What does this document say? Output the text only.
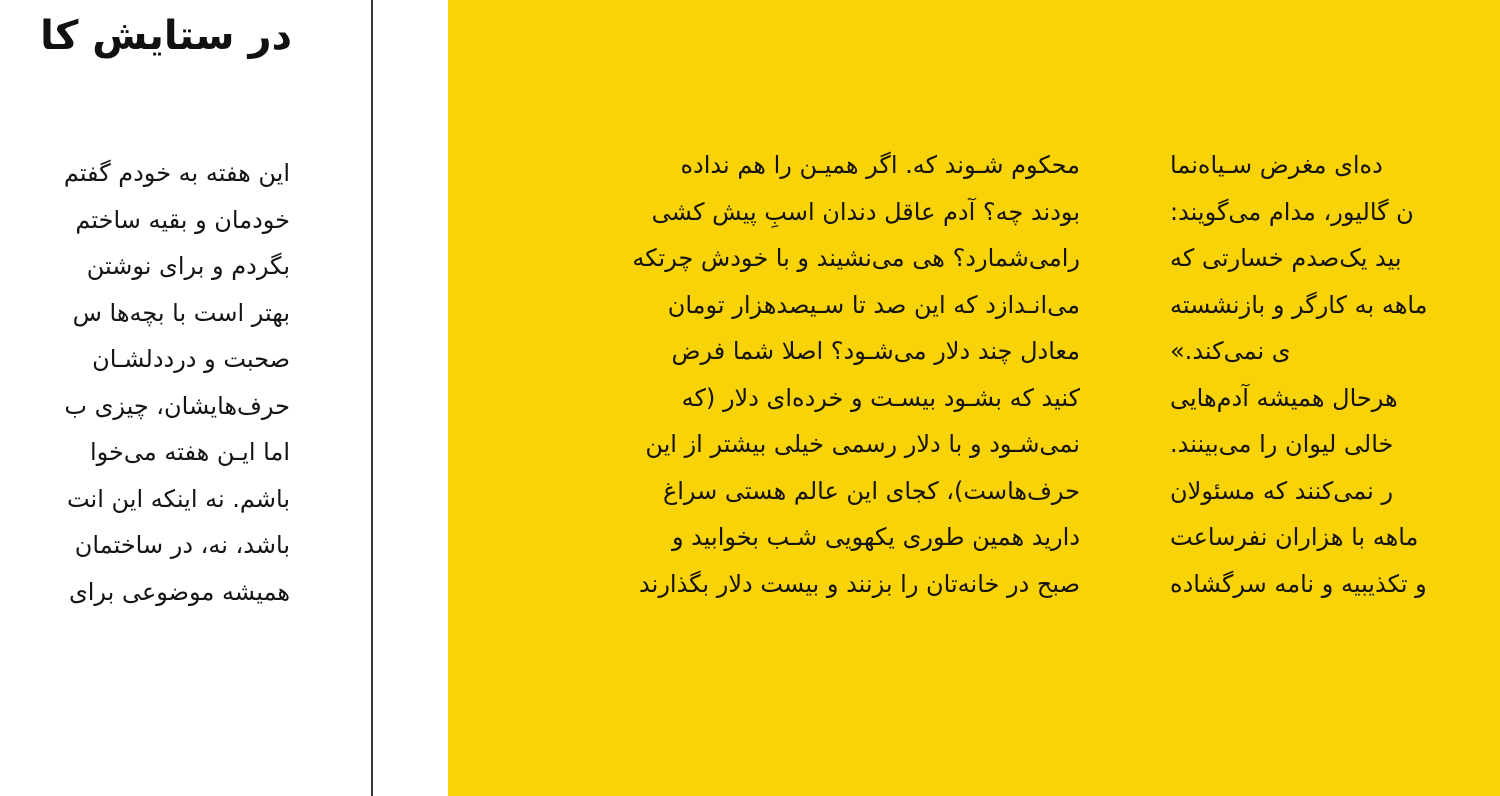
در ستایش کا
این هفته به خودم گفتم
خودمان و بقیه ساختم
بگردم و برای نوشتن
بهتر است با بچه‌ها س
صحبت و درددلشـان
حرف‌هایشان، چیزی ب
اما ایـن هفته می‌خوا
باشم. نه اینکه این انت
باشد، نه، در ساختمان
همیشه موضوعی برای
محکوم شـوند که. اگر همیـن را هم نداده
بودند چه؟ آدم عاقل دندان اسبِ پیش کشی
رامی‌شمارد؟ هی می‌نشیند و با خودش چرتکه
می‌انـدازد که این صد تا سـیصدهزار تومان
معادل چند دلار می‌شـود؟ اصلا شما فرض
کنید که بشـود بیسـت و خرده‌ای دلار (که
نمی‌شـود و با دلار رسمی خیلی بیشتر از این
حرف‌هاست)، کجای این عالم هستی سراغ
دارید همین طوری یکهویی شـب بخوابید و
صبح در خانه‌تان را بزنند و بیست دلار بگذارند
ده‌ای مغرض سـیاه‌نما
ن گالیور، مدام می‌گویند:
بید یک‌صدم خسارتی که
ماهه به کارگر و بازنشسته
ی نمی‌کند.»
هرحال همیشه آدم‌هایی
خالی لیوان را می‌بینند.
ر نمی‌کنند که مسئولان
ماهه با هزاران نفرساعت
و تکذیبیه و نامه سرگشاده
